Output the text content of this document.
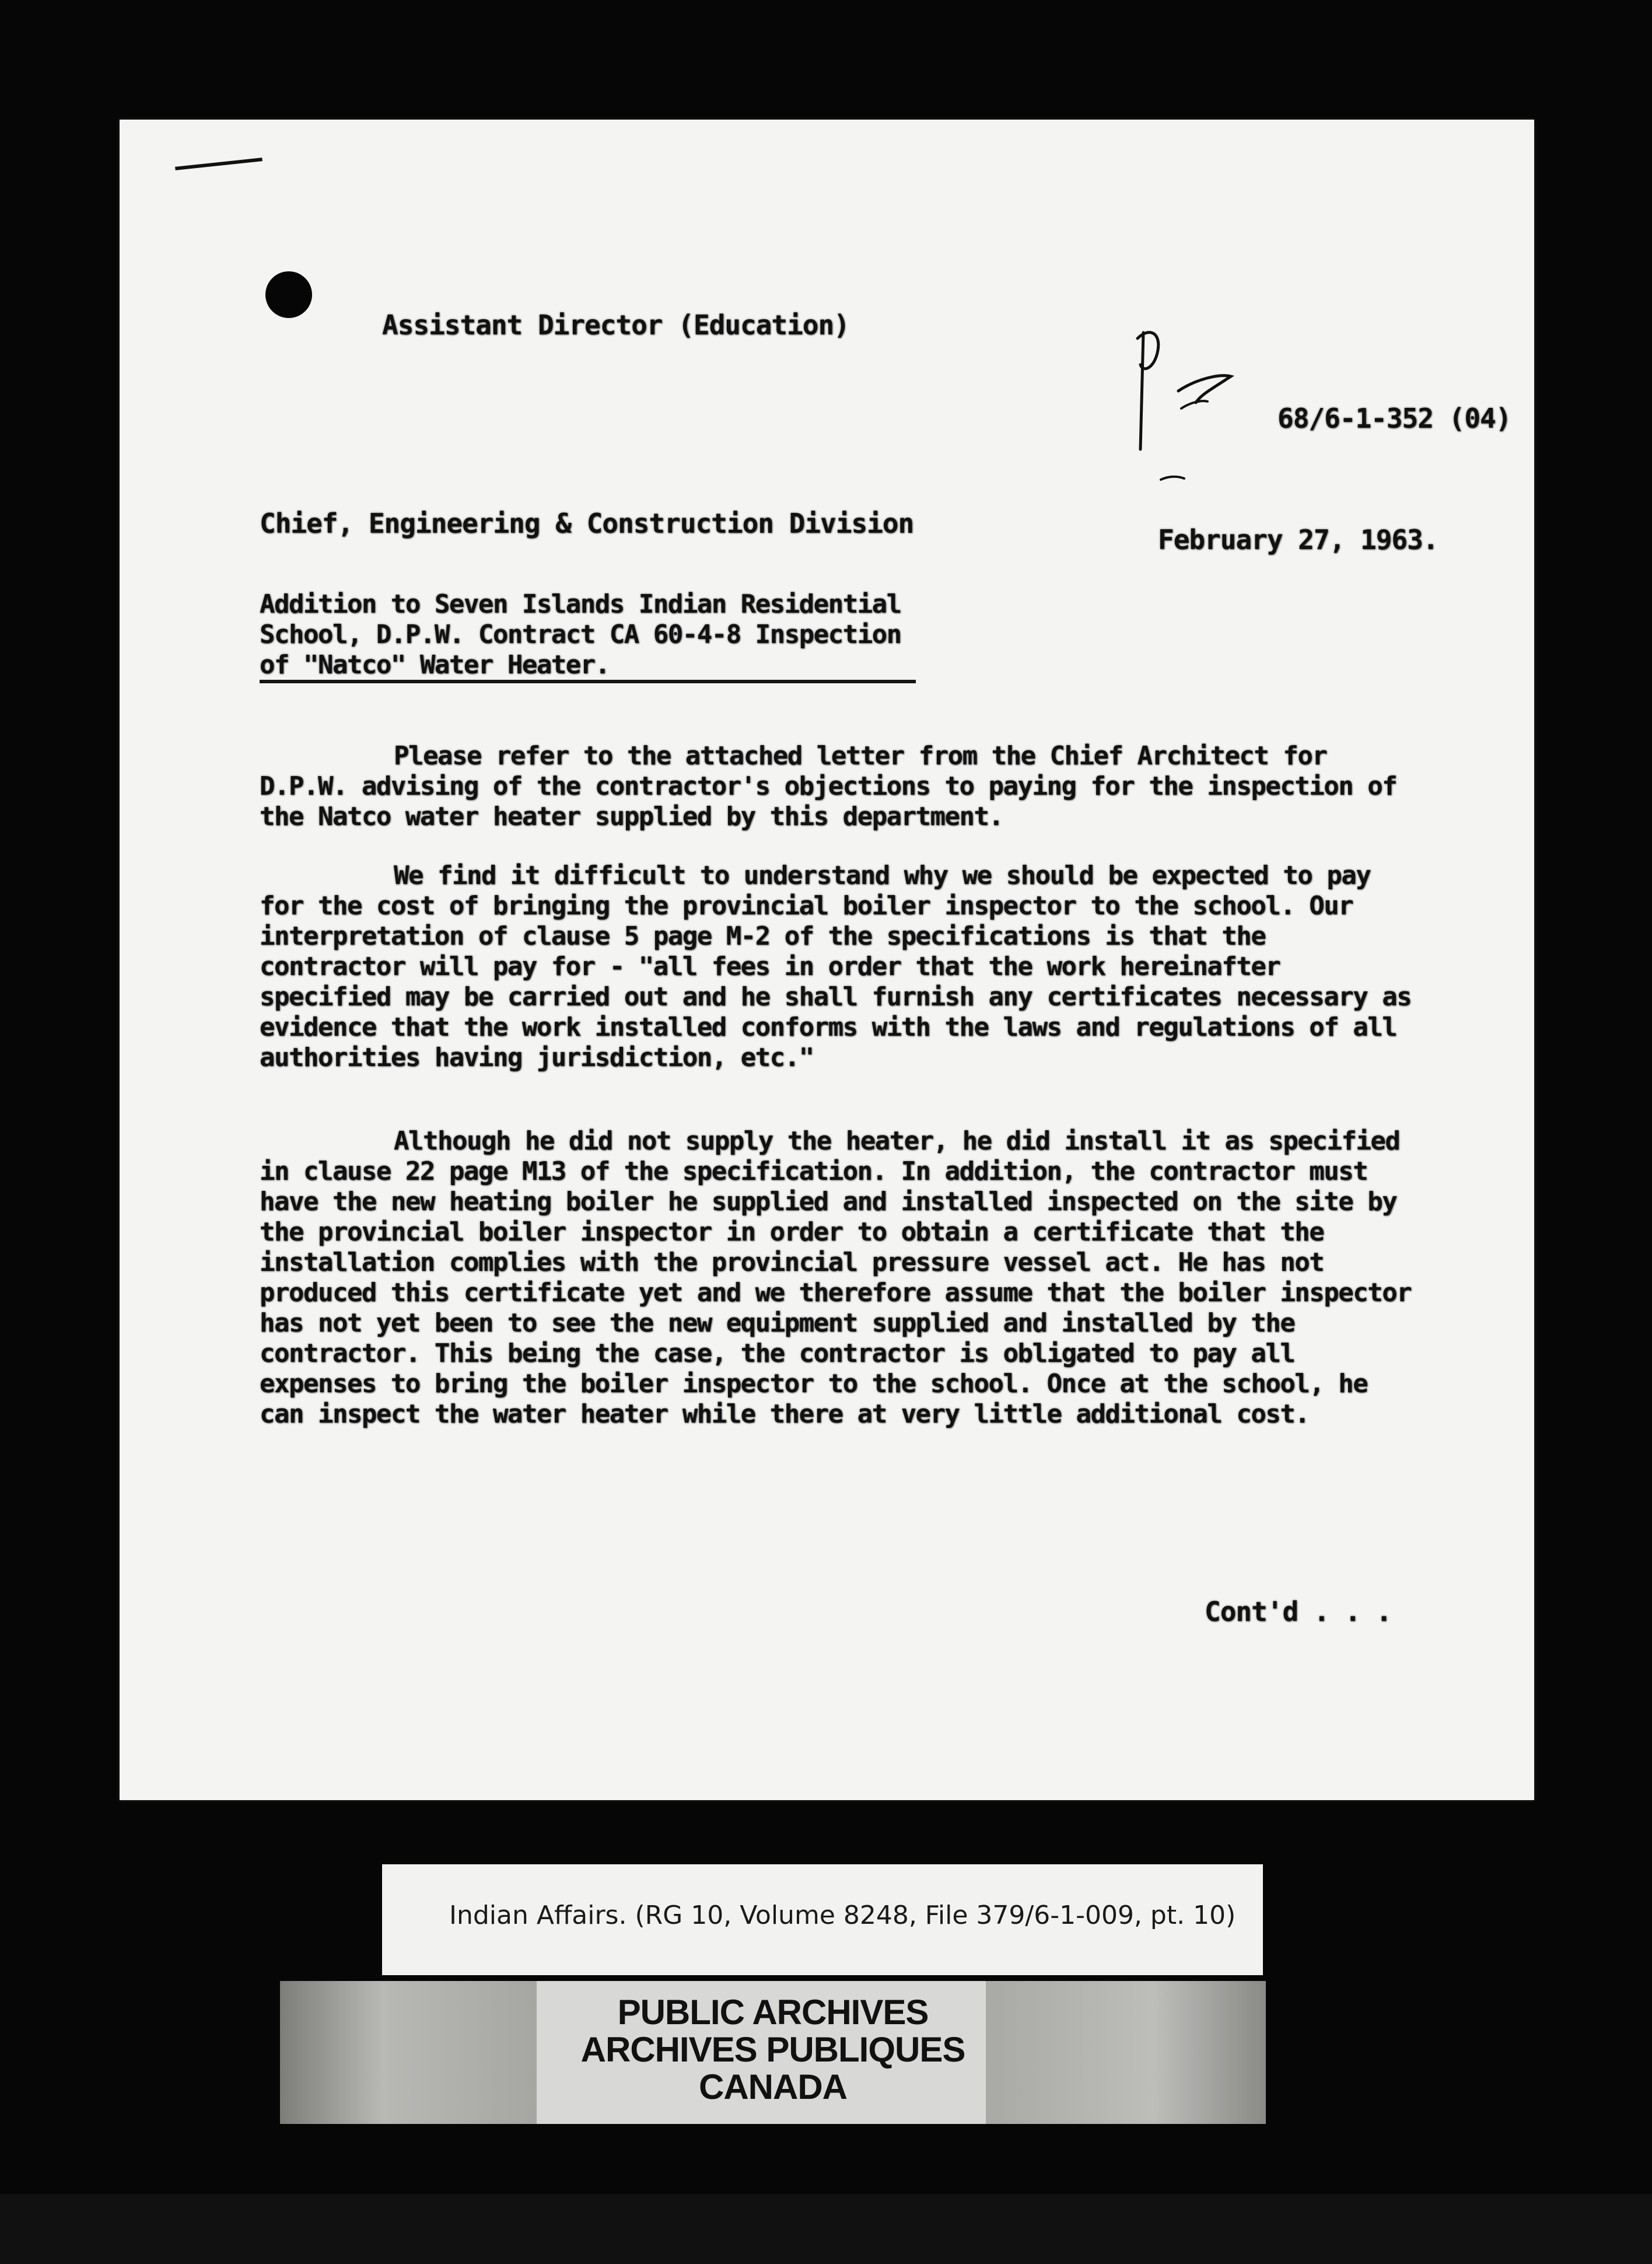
Assistant Director (Education)
68/6-1-352 (04)
Chief, Engineering & Construction Division
February 27, 1963.
Addition to Seven Islands Indian Residential
School, D.P.W. Contract CA 60-4-8 Inspection
of "Natco" Water Heater.

Please refer to the attached letter from the Chief Architect for D.P.W. advising of the contractor's objections to paying for the inspection of the Natco water heater supplied by this department.

We find it difficult to understand why we should be expected to pay for the cost of bringing the provincial boiler inspector to the school. Our interpretation of clause 5 page M-2 of the specifications is that the contractor will pay for - "all fees in order that the work hereinafter specified may be carried out and he shall furnish any certificates necessary as evidence that the work installed conforms with the laws and regulations of all authorities having jurisdiction, etc."

Although he did not supply the heater, he did install it as specified in clause 22 page M13 of the specification. In addition, the contractor must have the new heating boiler he supplied and installed inspected on the site by the provincial boiler inspector in order to obtain a certificate that the installation complies with the provincial pressure vessel act. He has not produced this certificate yet and we therefore assume that the boiler inspector has not yet been to see the new equipment supplied and installed by the contractor. This being the case, the contractor is obligated to pay all expenses to bring the boiler inspector to the school. Once at the school, he can inspect the water heater while there at very little additional cost.

Cont'd . . .
Indian Affairs. (RG 10, Volume 8248, File 379/6-1-009, pt. 10)
PUBLIC ARCHIVES
ARCHIVES PUBLIQUES
CANADA
